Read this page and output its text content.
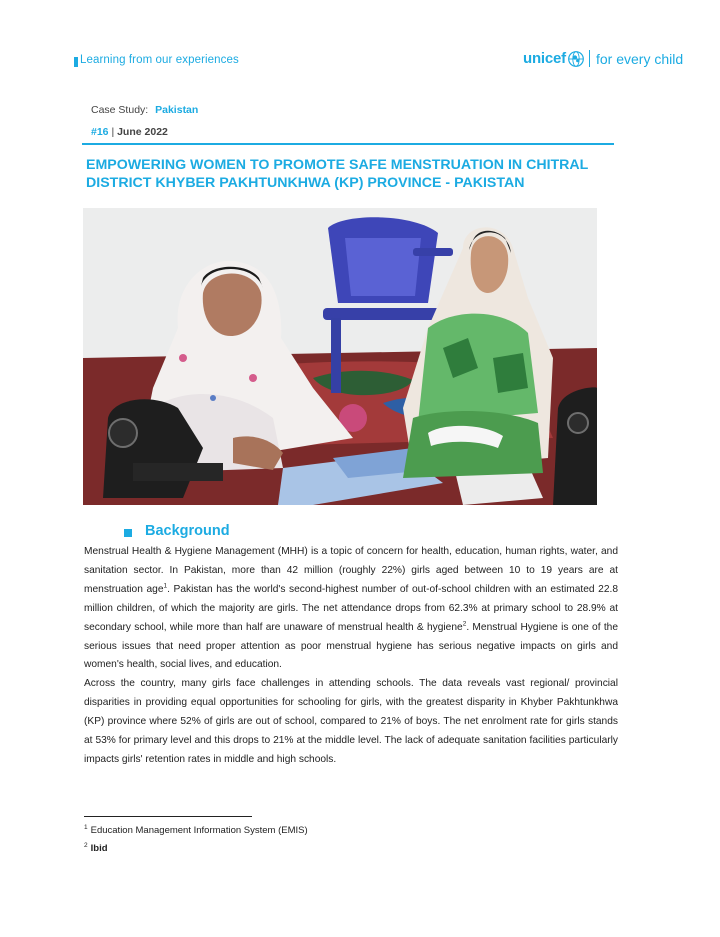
Learning from our experiences	unicef for every child
Case Study: Pakistan
#16 | June 2022
EMPOWERING WOMEN TO PROMOTE SAFE MENSTRUATION IN CHITRAL DISTRICT KHYBER PAKHTUNKHWA (KP) PROVINCE - PAKISTAN
Background

Menstrual Health & Hygiene Management (MHH) is a topic of concern for health, education, human rights, water, and sanitation sector. In Pakistan, more than 42 million (roughly 22%) girls aged between 10 to 19 years are at menstruation age$^1$. Pakistan has the world's second-highest number of out-of-school children with an estimated 22.8 million children, of which the majority are girls. The net attendance drops from 62.3% at primary school to 28.9% at secondary school, while more than half are unaware of menstrual health & hygiene$^2$. Menstrual Hygiene is one of the serious issues that need proper attention as poor menstrual hygiene has serious negative impacts on girls and women's health, social lives, and education.

Across the country, many girls face challenges in attending schools. The data reveals vast regional/ provincial disparities in providing equal opportunities for schooling for girls, with the greatest disparity in Khyber Pakhtunkhwa (KP) province where 52% of girls are out of school, compared to 21% of boys. The net enrolment rate for girls stands at 53% for primary level and this drops to 21% at the middle level. The lack of adequate sanitation facilities particularly impacts girls' retention rates in middle and high schools.

$^1$ Education Management Information System (EMIS)
$^2$ Ibid
